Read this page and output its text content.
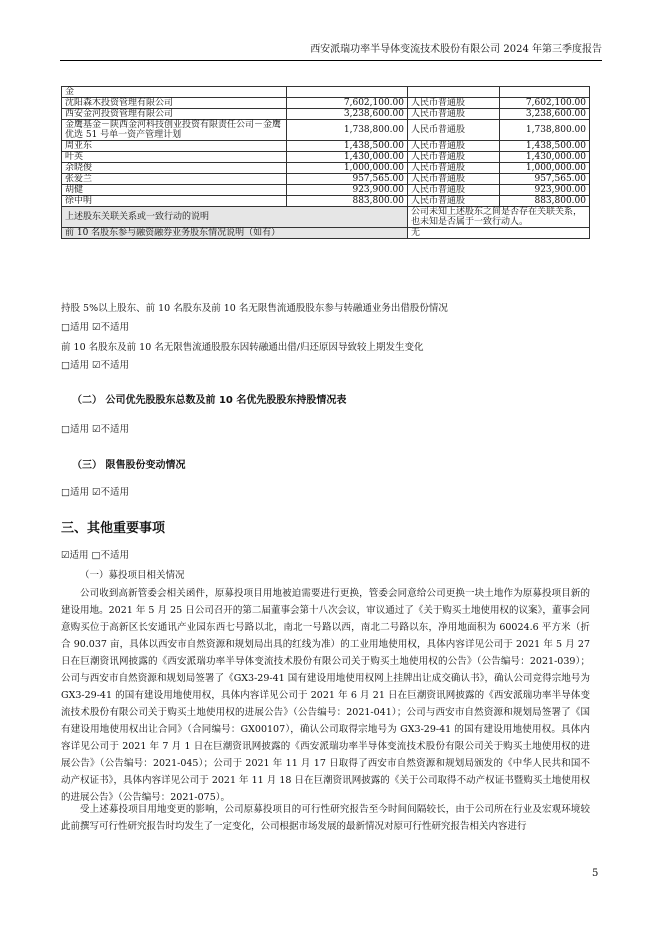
西安派瑞功率半导体变流技术股份有限公司 2024 年第三季度报告
金			
沈阳森木投资管理有限公司	7,602,100.00	人民币普通股	7,602,100.00
西安金河投资管理有限公司	3,238,600.00	人民币普通股	3,238,600.00
金鹰基金－陕西金河科技创业投资有限责任公司－金鹰优选 51 号单一资产管理计划	1,738,800.00	人民币普通股	1,738,800.00
周亚东	1,438,500.00	人民币普通股	1,438,500.00
叶英	1,430,000.00	人民币普通股	1,430,000.00
余晓俊	1,000,000.00	人民币普通股	1,000,000.00
张爱兰	957,565.00	人民币普通股	957,565.00
胡健	923,900.00	人民币普通股	923,900.00
徐中明	883,800.00	人民币普通股	883,800.00
上述股东关联关系或一致行动的说明		公司未知上述股东之间是否存在关联关系，也未知是否属于一致行动人。	
前 10 名股东参与融资融券业务股东情况说明（如有）		无	
持股 5%以上股东、前 10 名股东及前 10 名无限售流通股股东参与转融通业务出借股份情况
□适用 ☑不适用
前 10 名股东及前 10 名无限售流通股股东因转融通出借/归还原因导致较上期发生变化
□适用 ☑不适用
（二） 公司优先股股东总数及前 10 名优先股股东持股情况表
□适用 ☑不适用
（三） 限售股份变动情况
□适用 ☑不适用
三、其他重要事项
☑适用 □不适用
（一）募投项目相关情况
公司收到高新管委会相关函件，原募投项目用地被迫需要进行更换，管委会同意给公司更换一块土地作为原募投项目新的建设用地。2021 年 5 月 25 日公司召开的第二届董事会第十八次会议，审议通过了《关于购买土地使用权的议案》，董事会同意购买位于高新区长安通讯产业园东西七号路以北，南北一号路以西，南北二号路以东，净用地面积为 60024.6 平方米（折合 90.037 亩，具体以西安市自然资源和规划局出具的红线为准）的工业用地使用权，具体内容详见公司于 2021 年 5 月 27 日在巨潮资讯网披露的《西安派瑞功率半导体变流技术股份有限公司关于购买土地使用权的公告》（公告编号：2021-039）；公司与西安市自然资源和规划局签署了《GX3-29-41 国有建设用地使用权网上挂牌出让成交确认书》，确认公司竞得宗地号为 GX3-29-41 的国有建设用地使用权，具体内容详见公司于 2021 年 6 月 21 日在巨潮资讯网披露的《西安派瑞功率半导体变流技术股份有限公司关于购买土地使用权的进展公告》（公告编号：2021-041）；公司与西安市自然资源和规划局签署了《国有建设用地使用权出让合同》（合同编号：GX00107），确认公司取得宗地号为 GX3-29-41 的国有建设用地使用权。具体内容详见公司于 2021 年 7 月 1 日在巨潮资讯网披露的《西安派瑞功率半导体变流技术股份有限公司关于购买土地使用权的进展公告》（公告编号：2021-045）；公司于 2021 年 11 月 17 日取得了西安市自然资源和规划局颁发的《中华人民共和国不动产权证书》，具体内容详见公司于 2021 年 11 月 18 日在巨潮资讯网披露的《关于公司取得不动产权证书暨购买土地使用权的进展公告》（公告编号：2021-075）。
受上述募投项目用地变更的影响，公司原募投项目的可行性研究报告至今时间间隔较长，由于公司所在行业及宏观环境较此前撰写可行性研究报告时均发生了一定变化，公司根据市场发展的最新情况对原可行性研究报告相关内容进行
5
